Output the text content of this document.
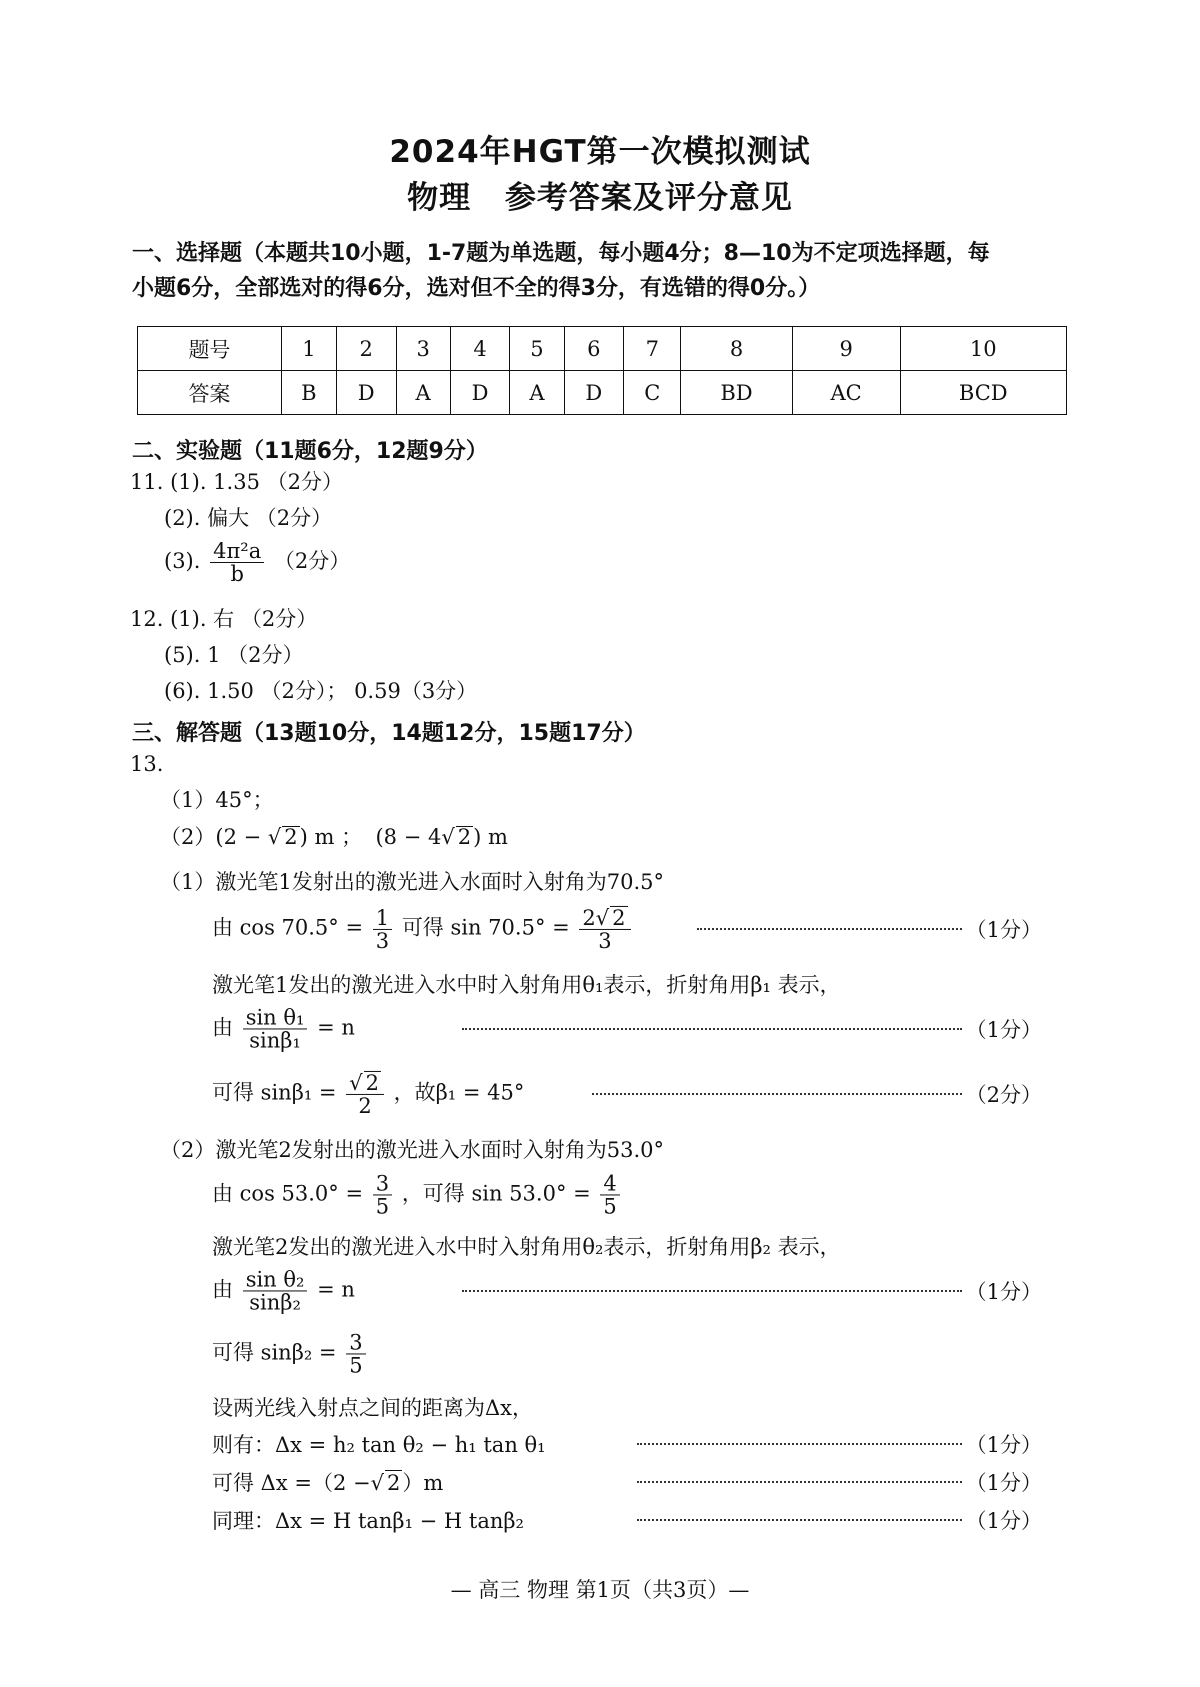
2024年HGT第一次模拟测试
物理 参考答案及评分意见
一、选择题（本题共10小题，1-7题为单选题，每小题4分；8—10为不定项选择题，每
小题6分，全部选对的得6分，选对但不全的得3分，有选错的得0分。）
题号	1	2	3	4	5	6	7	8	9	10
答案	B	D	A	D	A	D	C	BD	AC	BCD
二、实验题（11题6分，12题9分）
11. (1). 1.35 （2分）
(2). 偏大 （2分）
(3). $\frac{\text{4π²a}}{b} (2$分）
12. (1). 右 （2分）
(5). 1 （2分）
(6). 1.50 （2分）； 0.59（3分）
三、解答题（13题10分，14题12分，15题17分）
13.
（1）45°；
（2）(2 − √ 2) m ； (8 − 4√ 2) m
（1）激光笔1发射出的激光进入水面时入射角为70.5°
由 $\cos 70.5^\circ = \frac{1}{3}$ 可得 $\sin 70.5^\circ = \frac{2√ 2}{3}$	（1分）
激光笔1发出的激光进入水中时入射角用θ₁表示，折射角用β₁ 表示，
由 $\frac{\text{sin θ₁}}{\text{sinβ₁}} = n$	（1分）
可得 $\sin\beta_1 = \frac{√ 2}{2}$ ，故β₁ = 45°	（2分）
（2）激光笔2发射出的激光进入水面时入射角为53.0°
由 $\cos 53.0^\circ = \frac{3}{5}$ ，可得 $\sin 53.0^\circ = \frac{4}{5}$
激光笔2发出的激光进入水中时入射角用θ₂表示，折射角用β₂ 表示，
由 $\frac{\text{sin θ₂}}{\text{sinβ₂}} = n$	（1分）
可得 $\sin\beta_2 = \frac{3}{5}$
设两光线入射点之间的距离为Δx，
则有：Δx = h₂ tan θ₂ − h₁ tan θ₁	（1分）
可得 Δx =（2 −√ 2）m	（1分）
同理：Δx = H tanβ₁ − H tanβ₂	（1分）
— 高三 物理 第1页（共3页）—
